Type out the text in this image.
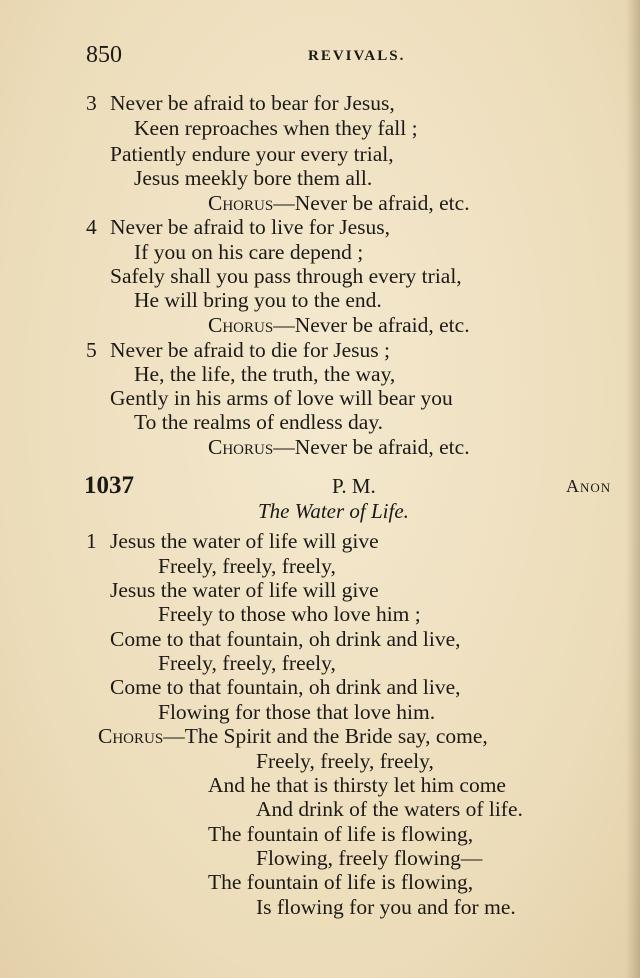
850	REVIVALS.
3 Never be afraid to bear for Jesus,
Keen reproaches when they fall ;
Patiently endure your every trial,
Jesus meekly bore them all.
Chorus—Never be afraid, etc.
4 Never be afraid to live for Jesus,
If you on his care depend ;
Safely shall you pass through every trial,
He will bring you to the end.
Chorus—Never be afraid, etc.
5 Never be afraid to die for Jesus ;
He, the life, the truth, the way,
Gently in his arms of love will bear you
To the realms of endless day.
Chorus—Never be afraid, etc.
1037	P. M.	Anon
The Water of Life.
1 Jesus the water of life will give
Freely, freely, freely,
Jesus the water of life will give
Freely to those who love him ;
Come to that fountain, oh drink and live,
Freely, freely, freely,
Come to that fountain, oh drink and live,
Flowing for those that love him.
Chorus—The Spirit and the Bride say, come,
Freely, freely, freely,
And he that is thirsty let him come
And drink of the waters of life.
The fountain of life is flowing,
Flowing, freely flowing—
The fountain of life is flowing,
Is flowing for you and for me.
